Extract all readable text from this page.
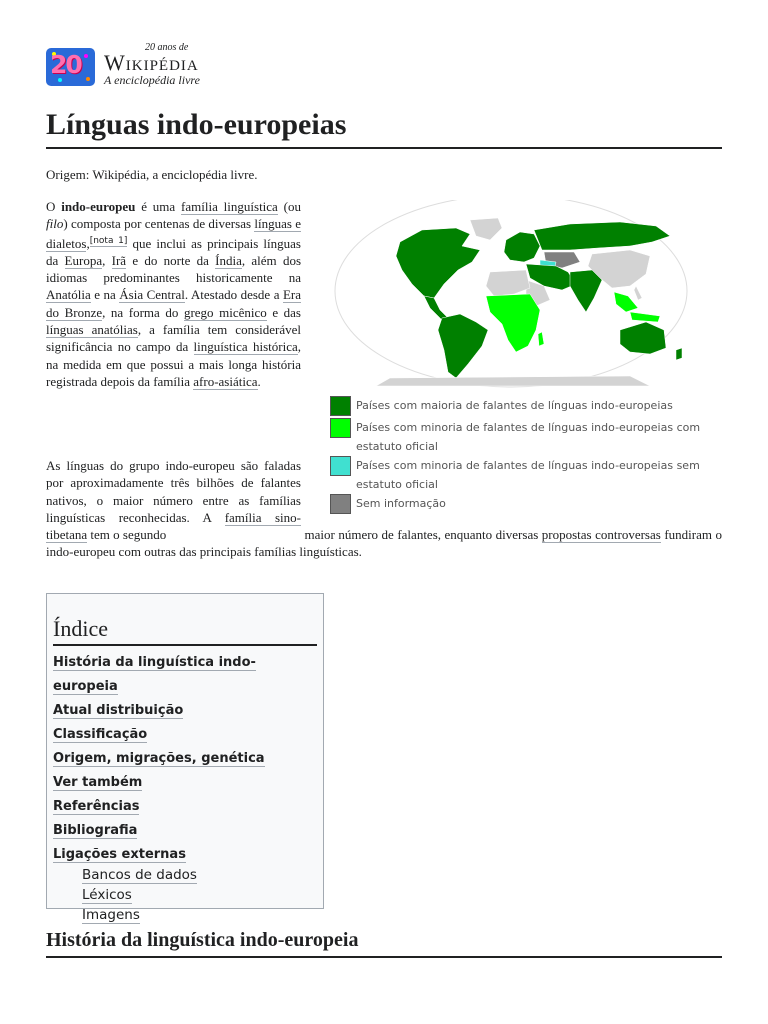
20
20 anos de
Wikipédia
A enciclopédia livre
Línguas indo-europeias
Origem: Wikipédia, a enciclopédia livre.
Países com maioria de falantes de línguas indo-europeias
Países com minoria de falantes de línguas indo-europeias com estatuto oficial
Países com minoria de falantes de línguas indo-europeias sem estatuto oficial
Sem informação

O indo-europeu é uma família linguística (ou filo) composta por centenas de diversas línguas e dialetos,[nota 1] que inclui as principais línguas da Europa, Irã e do norte da Índia, além dos idiomas predominantes historicamente na Anatólia e na Ásia Central. Atestado desde a Era do Bronze, na forma do grego micênico e das línguas anatólias, a família tem considerável significância no campo da linguística histórica, na medida em que possui a mais longa história registrada depois da família afro-asiática.

As línguas do grupo indo-europeu são faladas por aproximadamente três bilhões de falantes nativos, o maior número entre as famílias linguísticas reconhecidas. A família sino-tibetana tem o segundo	maior número de falantes, enquanto diversas propostas controversas fundiram o indo-europeu com outras das principais famílias linguísticas.

Índice
História da linguística indo-europeia
Atual distribuição
Classificação
Origem, migrações, genética
Ver também
Referências
Bibliografia
Ligações externas
Bancos de dados
Léxicos
Imagens
História da linguística indo-europeia
